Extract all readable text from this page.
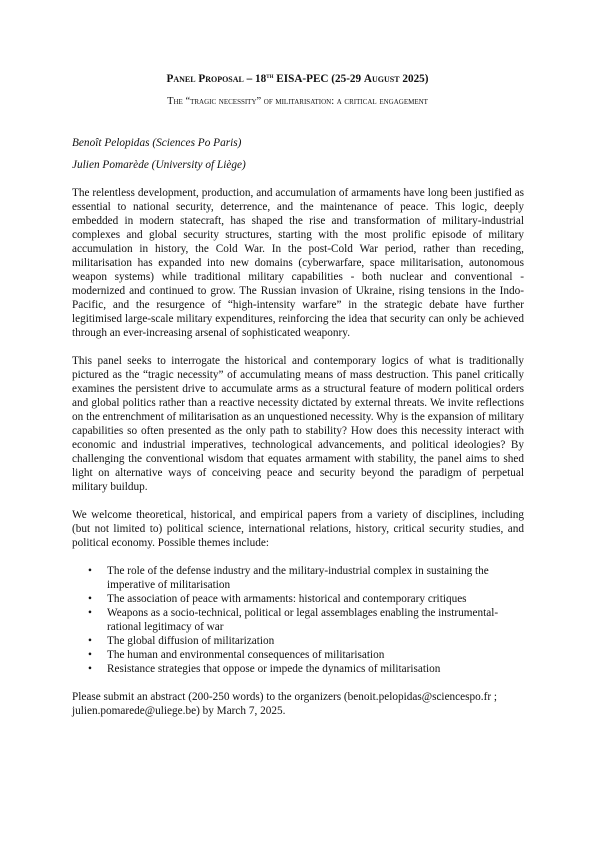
Panel Proposal – 18th EISA-PEC (25-29 August 2025)
The “tragic necessity” of militarisation: a critical engagement
Benoît Pelopidas (Sciences Po Paris)
Julien Pomarède (University of Liège)

The relentless development, production, and accumulation of armaments have long been justified as essential to national security, deterrence, and the maintenance of peace. This logic, deeply embedded in modern statecraft, has shaped the rise and transformation of military-industrial complexes and global security structures, starting with the most prolific episode of military accumulation in history, the Cold War. In the post-Cold War period, rather than receding, militarisation has expanded into new domains (cyberwarfare, space militarisation, autonomous weapon systems) while traditional military capabilities - both nuclear and conventional - modernized and continued to grow. The Russian invasion of Ukraine, rising tensions in the Indo-Pacific, and the resurgence of “high-intensity warfare” in the strategic debate have further legitimised large-scale military expenditures, reinforcing the idea that security can only be achieved through an ever-increasing arsenal of sophisticated weaponry.

This panel seeks to interrogate the historical and contemporary logics of what is traditionally pictured as the “tragic necessity” of accumulating means of mass destruction. This panel critically examines the persistent drive to accumulate arms as a structural feature of modern political orders and global politics rather than a reactive necessity dictated by external threats. We invite reflections on the entrenchment of militarisation as an unquestioned necessity. Why is the expansion of military capabilities so often presented as the only path to stability? How does this necessity interact with economic and industrial imperatives, technological advancements, and political ideologies? By challenging the conventional wisdom that equates armament with stability, the panel aims to shed light on alternative ways of conceiving peace and security beyond the paradigm of perpetual military buildup.

We welcome theoretical, historical, and empirical papers from a variety of disciplines, including (but not limited to) political science, international relations, history, critical security studies, and political economy. Possible themes include:

• The role of the defense industry and the military-industrial complex in sustaining the imperative of militarisation
• The association of peace with armaments: historical and contemporary critiques
• Weapons as a socio-technical, political or legal assemblages enabling the instrumental-rational legitimacy of war
• The global diffusion of militarization
• The human and environmental consequences of militarisation
• Resistance strategies that oppose or impede the dynamics of militarisation

Please submit an abstract (200-250 words) to the organizers (benoit.pelopidas@sciencespo.fr ; julien.pomarede@uliege.be) by March 7, 2025.
